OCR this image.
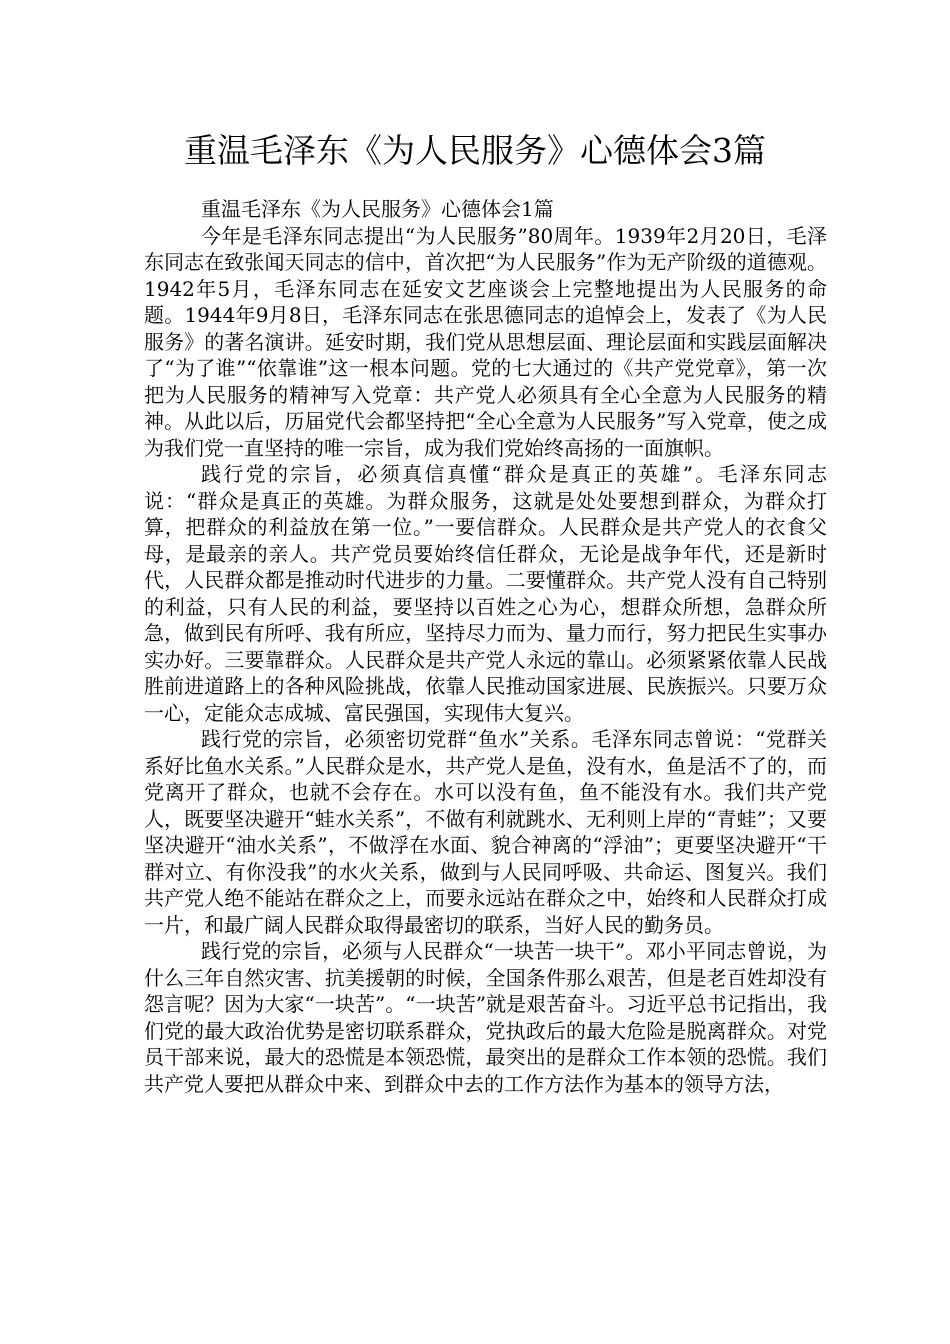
重温毛泽东《为人民服务》心德体会3篇

重温毛泽东《为人民服务》心德体会1篇

今年是毛泽东同志提出“为人民服务”80周年。1939年2月20日，毛泽东同志在致张闻天同志的信中，首次把“为人民服务”作为无产阶级的道德观。1942年5月，毛泽东同志在延安文艺座谈会上完整地提出为人民服务的命题。1944年9月8日，毛泽东同志在张思德同志的追悼会上，发表了《为人民服务》的著名演讲。延安时期，我们党从思想层面、理论层面和实践层面解决了“为了谁”“依靠谁”这一根本问题。党的七大通过的《共产党党章》，第一次把为人民服务的精神写入党章：共产党人必须具有全心全意为人民服务的精神。从此以后，历届党代会都坚持把“全心全意为人民服务”写入党章，使之成为我们党一直坚持的唯一宗旨，成为我们党始终高扬的一面旗帜。

践行党的宗旨，必须真信真懂“群众是真正的英雄”。毛泽东同志说：“群众是真正的英雄。为群众服务，这就是处处要想到群众，为群众打算，把群众的利益放在第一位。”一要信群众。人民群众是共产党人的衣食父母，是最亲的亲人。共产党员要始终信任群众，无论是战争年代，还是新时代，人民群众都是推动时代进步的力量。二要懂群众。共产党人没有自己特别的利益，只有人民的利益，要坚持以百姓之心为心，想群众所想，急群众所急，做到民有所呼、我有所应，坚持尽力而为、量力而行，努力把民生实事办实办好。三要靠群众。人民群众是共产党人永远的靠山。必须紧紧依靠人民战胜前进道路上的各种风险挑战，依靠人民推动国家进展、民族振兴。只要万众一心，定能众志成城、富民强国，实现伟大复兴。

践行党的宗旨，必须密切党群“鱼水”关系。毛泽东同志曾说：“党群关系好比鱼水关系。”人民群众是水，共产党人是鱼，没有水，鱼是活不了的，而党离开了群众，也就不会存在。水可以没有鱼，鱼不能没有水。我们共产党人，既要坚决避开“蛙水关系”，不做有利就跳水、无利则上岸的“青蛙”；又要坚决避开“油水关系”，不做浮在水面、貌合神离的“浮油”；更要坚决避开“干群对立、有你没我”的水火关系，做到与人民同呼吸、共命运、图复兴。我们共产党人绝不能站在群众之上，而要永远站在群众之中，始终和人民群众打成一片，和最广阔人民群众取得最密切的联系，当好人民的勤务员。

践行党的宗旨，必须与人民群众“一块苦一块干”。邓小平同志曾说，为什么三年自然灾害、抗美援朝的时候，全国条件那么艰苦，但是老百姓却没有怨言呢？因为大家“一块苦”。“一块苦”就是艰苦奋斗。习近平总书记指出，我们党的最大政治优势是密切联系群众，党执政后的最大危险是脱离群众。对党员干部来说，最大的恐慌是本领恐慌，最突出的是群众工作本领的恐慌。我们共产党人要把从群众中来、到群众中去的工作方法作为基本的领导方法，
